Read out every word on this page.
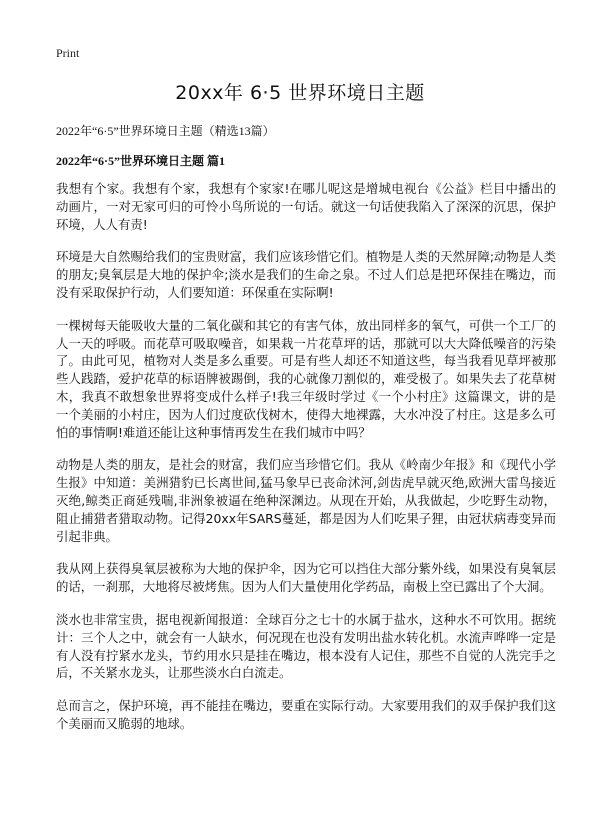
Print
20xx年 6·5 世界环境日主题
2022年“6·5”世界环境日主题（精选13篇）
2022年“6·5”世界环境日主题 篇1

我想有个家。我想有个家，我想有个家家!在哪儿呢这是增城电视台《公益》栏目中播出的动画片，一对无家可归的可怜小鸟所说的一句话。就这一句话使我陷入了深深的沉思，保护环境，人人有责!

环境是大自然赐给我们的宝贵财富，我们应该珍惜它们。植物是人类的天然屏障;动物是人类的朋友;臭氧层是大地的保护伞;淡水是我们的生命之泉。不过人们总是把环保挂在嘴边，而没有采取保护行动，人们要知道：环保重在实际啊!

一棵树每天能吸收大量的二氧化碳和其它的有害气体，放出同样多的氧气，可供一个工厂的人一天的呼吸。而花草可吸取噪音，如果栽一片花草坪的话，那就可以大大降低噪音的污染了。由此可见，植物对人类是多么重要。可是有些人却还不知道这些，每当我看见草坪被那些人践踏，爱护花草的标语牌被踢倒，我的心就像刀割似的，难受极了。如果失去了花草树木，我真不敢想象世界将变成什么样子!我三年级时学过《一个小村庄》这篇课文，讲的是一个美丽的小村庄，因为人们过度砍伐树木，使得大地裸露，大水冲没了村庄。这是多么可怕的事情啊!难道还能让这种事情再发生在我们城市中吗？

动物是人类的朋友，是社会的财富，我们应当珍惜它们。我从《岭南少年报》和《现代小学生报》中知道：美洲猎豹已长离世间,猛马象早已丧命沭河,剑齿虎早就灭绝,欧洲大雷鸟接近灭绝,鲸类正商延残喘,非洲象被逼在绝种深渊边。从现在开始，从我做起，少吃野生动物，阻止捕猎者猎取动物。记得20xx年SARS蔓延，都是因为人们吃果子狸，由冠状病毒变异而引起非典。

我从网上获得臭氧层被称为大地的保护伞，因为它可以挡住大部分紫外线，如果没有臭氧层的话，一刹那，大地将尽被烤焦。因为人们大量使用化学药品，南极上空已露出了个大洞。

淡水也非常宝贵，据电视新闻报道：全球百分之七十的水属于盐水，这种水不可饮用。据统计：三个人之中，就会有一人缺水，何况现在也没有发明出盐水转化机。水流声哗哗一定是有人没有拧紧水龙头，节约用水只是挂在嘴边，根本没有人记住，那些不自觉的人洗完手之后，不关紧水龙头，让那些淡水白白流走。

总而言之，保护环境，再不能挂在嘴边，要重在实际行动。大家要用我们的双手保护我们这个美丽而又脆弱的地球。
